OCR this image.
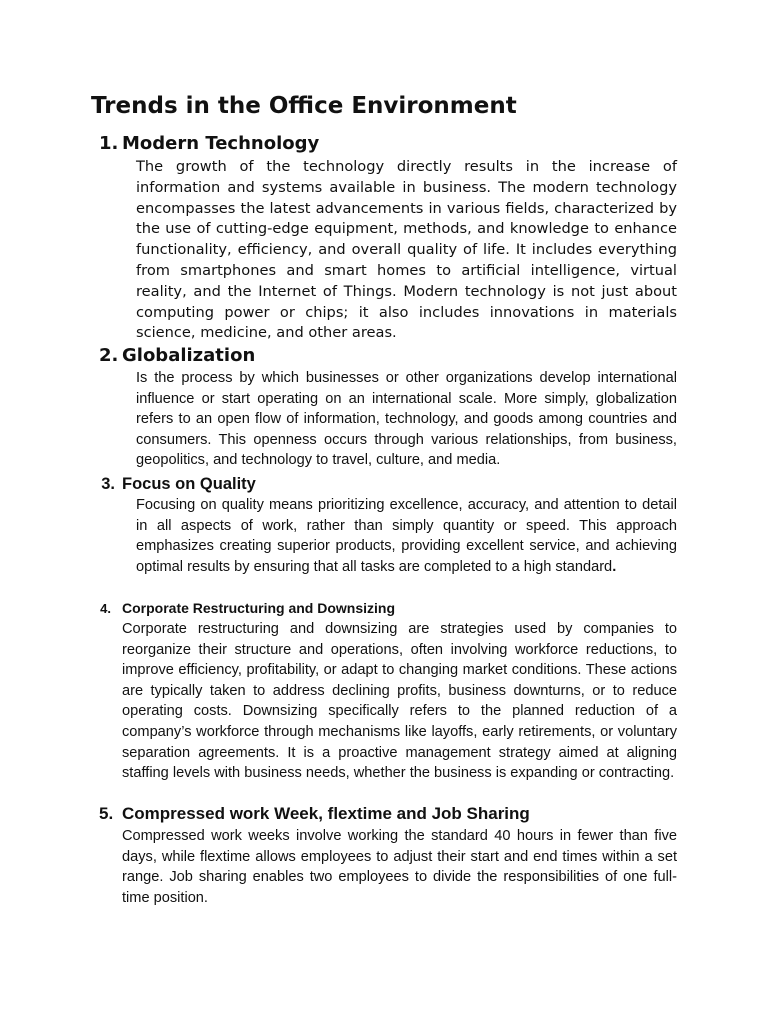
Trends in the Office Environment
1. Modern Technology

The growth of the technology directly results in the increase of information and systems available in business. The modern technology encompasses the latest advancements in various fields, characterized by the use of cutting-edge equipment, methods, and knowledge to enhance functionality, efficiency, and overall quality of life. It includes everything from smartphones and smart homes to artificial intelligence, virtual reality, and the Internet of Things. Modern technology is not just about computing power or chips; it also includes innovations in materials science, medicine, and other areas.

2. Globalization

Is the process by which businesses or other organizations develop international influence or start operating on an international scale. More simply, globalization refers to an open flow of information, technology, and goods among countries and consumers. This openness occurs through various relationships, from business, geopolitics, and technology to travel, culture, and media.

3. Focus on Quality

Focusing on quality means prioritizing excellence, accuracy, and attention to detail in all aspects of work, rather than simply quantity or speed. This approach emphasizes creating superior products, providing excellent service, and achieving optimal results by ensuring that all tasks are completed to a high standard.

4. Corporate Restructuring and Downsizing

Corporate restructuring and downsizing are strategies used by companies to reorganize their structure and operations, often involving workforce reductions, to improve efficiency, profitability, or adapt to changing market conditions. These actions are typically taken to address declining profits, business downturns, or to reduce operating costs. Downsizing specifically refers to the planned reduction of a company’s workforce through mechanisms like layoffs, early retirements, or voluntary separation agreements. It is a proactive management strategy aimed at aligning staffing levels with business needs, whether the business is expanding or contracting.

5. Compressed work Week, flextime and Job Sharing

Compressed work weeks involve working the standard 40 hours in fewer than five days, while flextime allows employees to adjust their start and end times within a set range. Job sharing enables two employees to divide the responsibilities of one full-time position.
